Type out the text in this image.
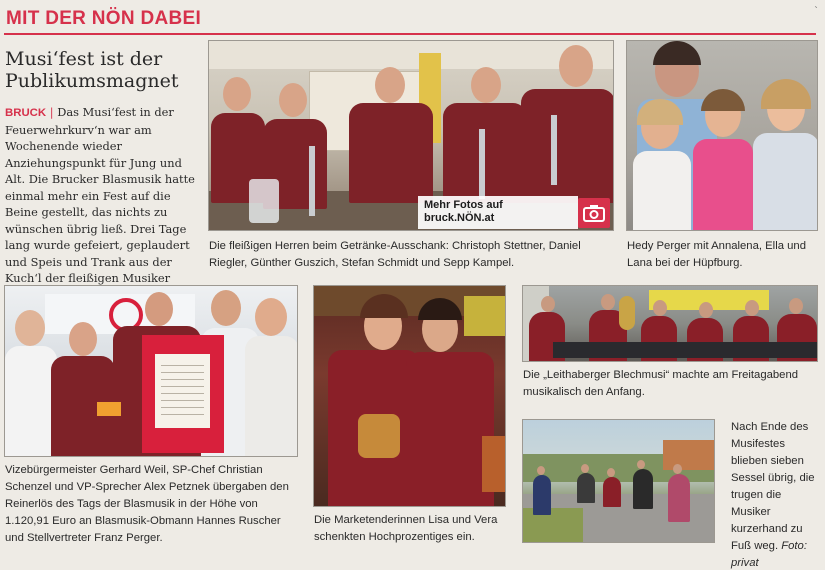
MIT DER NÖN DABEI	`
Musi‘fest ist der
Publikumsmagnet
BRUCK | Das Musi‘fest in der Feuerwehrkurv‘n war am Wochenende wieder Anziehungspunkt für Jung und Alt. Die Brucker Blasmusik hatte einmal mehr ein Fest auf die Beine gestellt, das nichts zu wünschen übrig ließ. Drei Tage lang wurde gefeiert, geplaudert und Speis und Trank aus der Kuch‘l der fleißigen Musiker
Mehr Fotos auf
bruck.NÖN.at
Die fleißigen Herren beim Getränke-Ausschank: Christoph Stettner, Daniel Riegler, Günther Guszich, Stefan Schmidt und Sepp Kampel.
Hedy Perger mit Annalena, Ella und Lana bei der Hüpfburg.
Vizebürgermeister Gerhard Weil, SP-Chef Christian Schenzel und VP-Sprecher Alex Petznek übergaben den Reinerlös des Tags der Blasmusik in der Höhe von 1.120,91 Euro an Blasmusik-Obmann Hannes Ruscher und Stellvertreter Franz Perger.
Die Marketenderinnen Lisa und Vera schenkten Hochprozentiges ein.
Die „Leithaberger Blechmusi“ machte am Freitagabend musikalisch den Anfang.
Nach Ende des Musifestes blieben sieben Sessel übrig, die trugen die Musiker kurzerhand zu Fuß weg. Foto: privat
